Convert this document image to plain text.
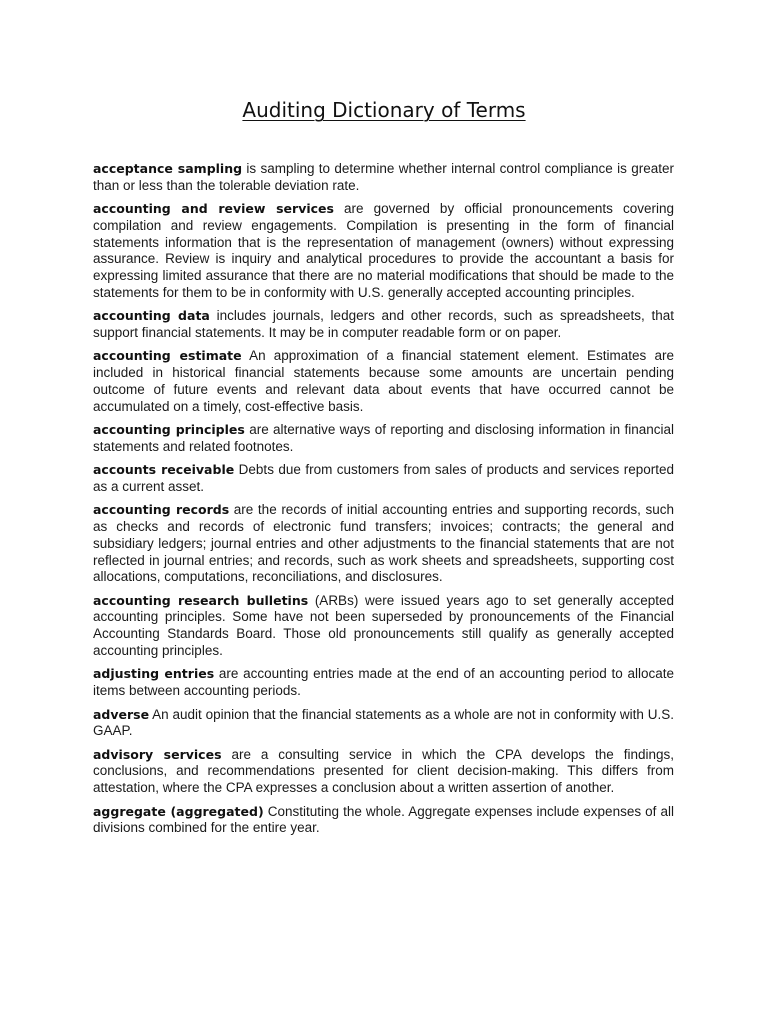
Auditing Dictionary of Terms

acceptance sampling is sampling to determine whether internal control compliance is greater than or less than the tolerable deviation rate.

accounting and review services are governed by official pronouncements covering compilation and review engagements. Compilation is presenting in the form of financial statements information that is the representation of management (owners) without expressing assurance. Review is inquiry and analytical procedures to provide the accountant a basis for expressing limited assurance that there are no material modifications that should be made to the statements for them to be in conformity with U.S. generally accepted accounting principles.

accounting data includes journals, ledgers and other records, such as spreadsheets, that support financial statements. It may be in computer readable form or on paper.

accounting estimate An approximation of a financial statement element. Estimates are included in historical financial statements because some amounts are uncertain pending outcome of future events and relevant data about events that have occurred cannot be accumulated on a timely, cost-effective basis.

accounting principles are alternative ways of reporting and disclosing information in financial statements and related footnotes.

accounts receivable Debts due from customers from sales of products and services reported as a current asset.

accounting records are the records of initial accounting entries and supporting records, such as checks and records of electronic fund transfers; invoices; contracts; the general and subsidiary ledgers; journal entries and other adjustments to the financial statements that are not reflected in journal entries; and records, such as work sheets and spreadsheets, supporting cost allocations, computations, reconciliations, and disclosures.

accounting research bulletins (ARBs) were issued years ago to set generally accepted accounting principles. Some have not been superseded by pronouncements of the Financial Accounting Standards Board. Those old pronouncements still qualify as generally accepted accounting principles.

adjusting entries are accounting entries made at the end of an accounting period to allocate items between accounting periods.

adverse An audit opinion that the financial statements as a whole are not in conformity with U.S. GAAP.

advisory services are a consulting service in which the CPA develops the findings, conclusions, and recommendations presented for client decision-making. This differs from attestation, where the CPA expresses a conclusion about a written assertion of another.

aggregate (aggregated) Constituting the whole. Aggregate expenses include expenses of all divisions combined for the entire year.
